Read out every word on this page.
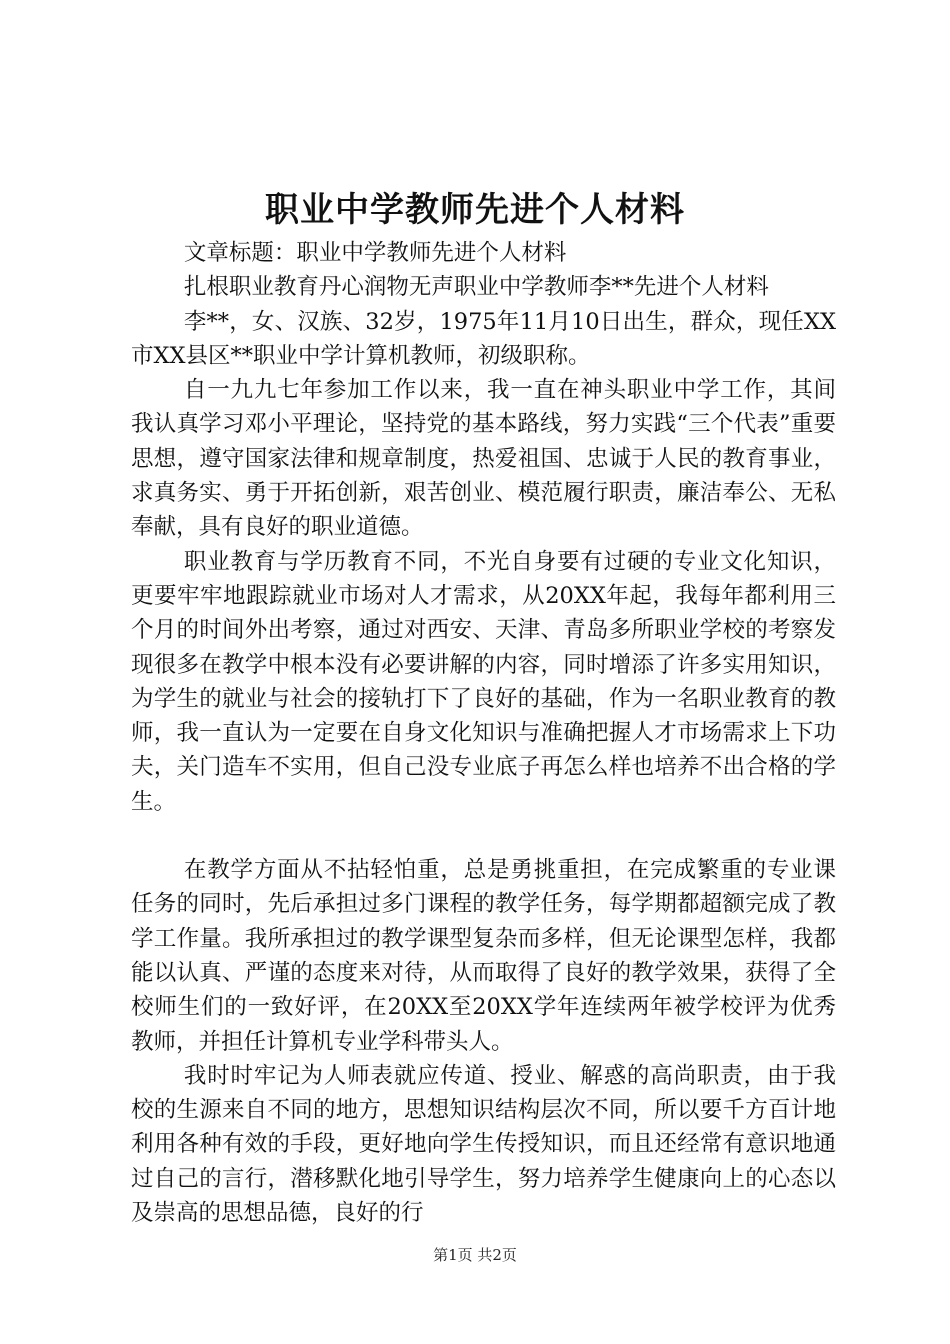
职业中学教师先进个人材料

文章标题：职业中学教师先进个人材料

扎根职业教育丹心润物无声职业中学教师李**先进个人材料

李**，女、汉族、32岁，1975年11月10日出生，群众，现任XX市XX县区**职业中学计算机教师，初级职称。

自一九九七年参加工作以来，我一直在神头职业中学工作，其间我认真学习邓小平理论，坚持党的基本路线，努力实践“三个代表”重要思想，遵守国家法律和规章制度，热爱祖国、忠诚于人民的教育事业，求真务实、勇于开拓创新，艰苦创业、模范履行职责，廉洁奉公、无私奉献，具有良好的职业道德。

职业教育与学历教育不同，不光自身要有过硬的专业文化知识，更要牢牢地跟踪就业市场对人才需求，从20XX年起，我每年都利用三个月的时间外出考察，通过对西安、天津、青岛多所职业学校的考察发现很多在教学中根本没有必要讲解的内容，同时增添了许多实用知识，为学生的就业与社会的接轨打下了良好的基础，作为一名职业教育的教师，我一直认为一定要在自身文化知识与准确把握人才市场需求上下功夫，关门造车不实用，但自己没专业底子再怎么样也培养不出合格的学生。

在教学方面从不拈轻怕重，总是勇挑重担，在完成繁重的专业课任务的同时，先后承担过多门课程的教学任务，每学期都超额完成了教学工作量。我所承担过的教学课型复杂而多样，但无论课型怎样，我都能以认真、严谨的态度来对待，从而取得了良好的教学效果，获得了全校师生们的一致好评，在20XX至20XX学年连续两年被学校评为优秀教师，并担任计算机专业学科带头人。

我时时牢记为人师表就应传道、授业、解惑的高尚职责，由于我校的生源来自不同的地方，思想知识结构层次不同，所以要千方百计地利用各种有效的手段，更好地向学生传授知识，而且还经常有意识地通过自己的言行，潜移默化地引导学生，努力培养学生健康向上的心态以及崇高的思想品德，良好的行

第1页 共2页
